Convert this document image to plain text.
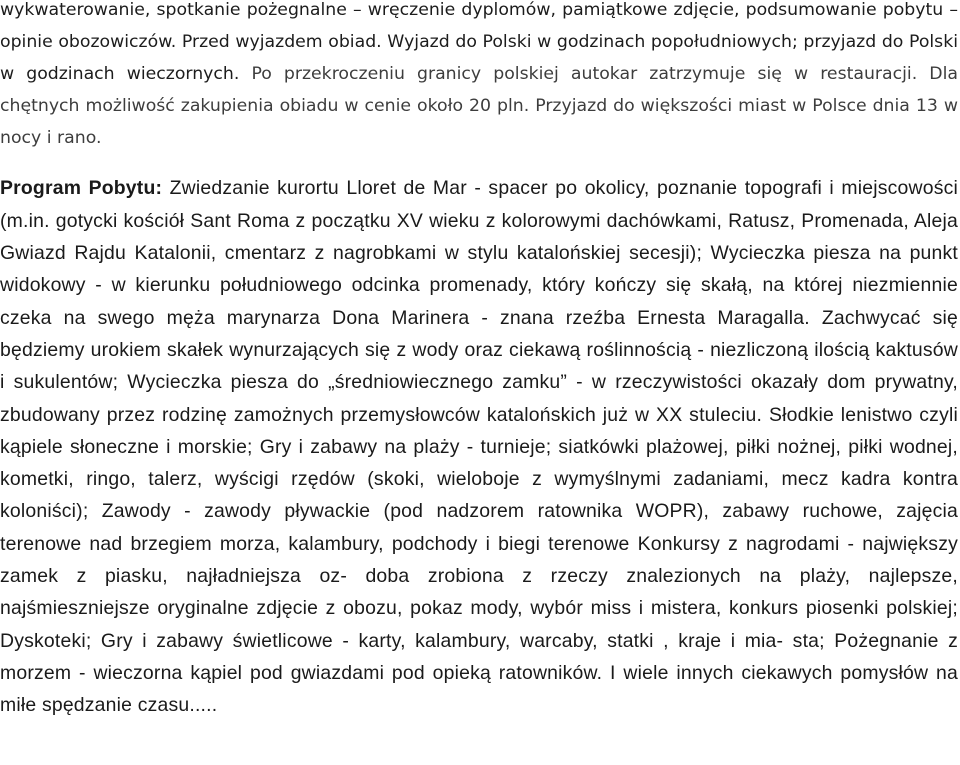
wykwaterowanie, spotkanie pożegnalne – wręczenie dyplomów, pamiątkowe zdjęcie, podsumowanie pobytu – opinie obozowiczów. Przed wyjazdem obiad. Wyjazd do Polski w godzinach popołudniowych; przyjazd do Polski w godzinach wieczornych. Po przekroczeniu granicy polskiej autokar zatrzymuje się w restauracji. Dla chętnych możliwość zakupienia obiadu w cenie około 20 pln. Przyjazd do większości miast w Polsce dnia 13 w nocy i rano.

Program Pobytu: Zwiedzanie kurortu Lloret de Mar - spacer po okolicy, poznanie topografi i miejscowości (m.in. gotycki kościół Sant Roma z początku XV wieku z kolorowymi dachówkami, Ratusz, Promenada, Aleja Gwiazd Rajdu Katalonii, cmentarz z nagrobkami w stylu katalońskiej secesji); Wycieczka piesza na punkt widokowy - w kierunku południowego odcinka promenady, który kończy się skałą, na której niezmiennie czeka na swego męża marynarza Dona Marinera - znana rzeźba Ernesta Maragalla. Zachwycać się będziemy urokiem skałek wynurzających się z wody oraz ciekawą roślinnością - niezliczoną ilością kaktusów i sukulentów; Wycieczka piesza do „średniowiecznego zamku” - w rzeczywistości okazały dom prywatny, zbudowany przez rodzinę zamożnych przemysłowców katalońskich już w XX stuleciu. Słodkie lenistwo czyli kąpiele słoneczne i morskie; Gry i zabawy na plaży - turnieje; siatkówki plażowej, piłki nożnej, piłki wodnej, kometki, ringo, talerz, wyścigi rzędów (skoki, wieloboje z wymyślnymi zadaniami, mecz kadra kontra koloniści); Zawody - zawody pływackie (pod nadzorem ratownika WOPR), zabawy ruchowe, zajęcia terenowe nad brzegiem morza, kalambury, podchody i biegi terenowe Konkursy z nagrodami - największy zamek z piasku, najładniejsza oz- doba zrobiona z rzeczy znalezionych na plaży, najlepsze, najśmieszniejsze oryginalne zdjęcie z obozu, pokaz mody, wybór miss i mistera, konkurs piosenki polskiej; Dyskoteki; Gry i zabawy świetlicowe - karty, kalambury, warcaby, statki , kraje i mia- sta; Pożegnanie z morzem - wieczorna kąpiel pod gwiazdami pod opieką ratowników. I wiele innych ciekawych pomysłów na miłe spędzanie czasu.....
